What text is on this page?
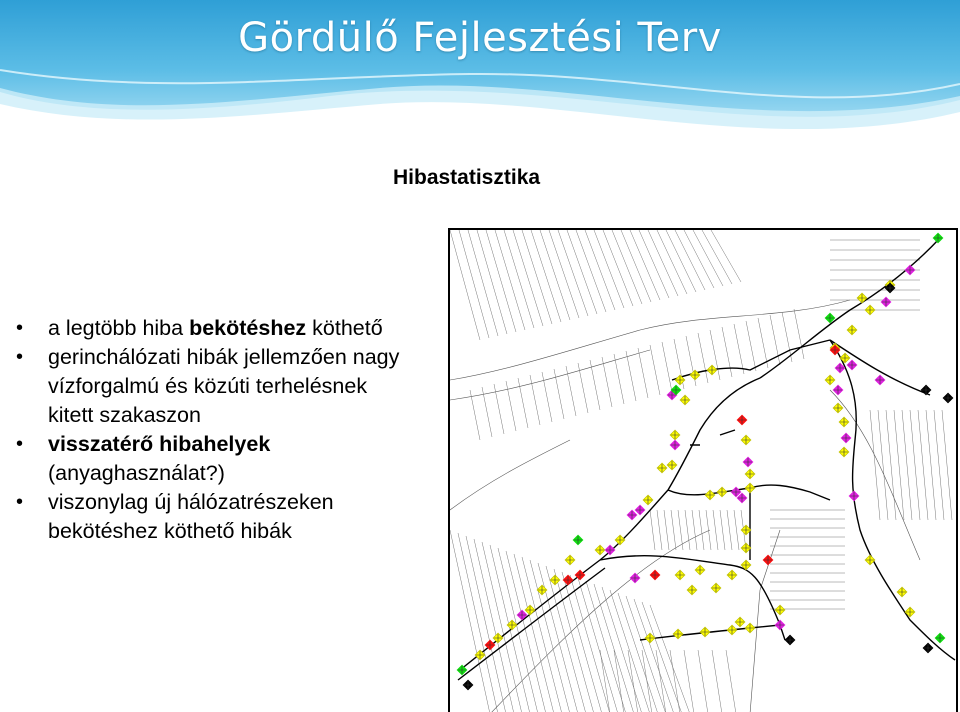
Gördülő Fejlesztési Terv
Hibastatisztika
• a legtöbb hiba bekötéshez köthető
• gerinchálózati hibák jellemzően nagy vízforgalmú és közúti terhelésnek kitett szakaszon
• visszatérő hibahelyek (anyaghasználat?)
• viszonylag új hálózatrészeken bekötéshez köthető hibák
